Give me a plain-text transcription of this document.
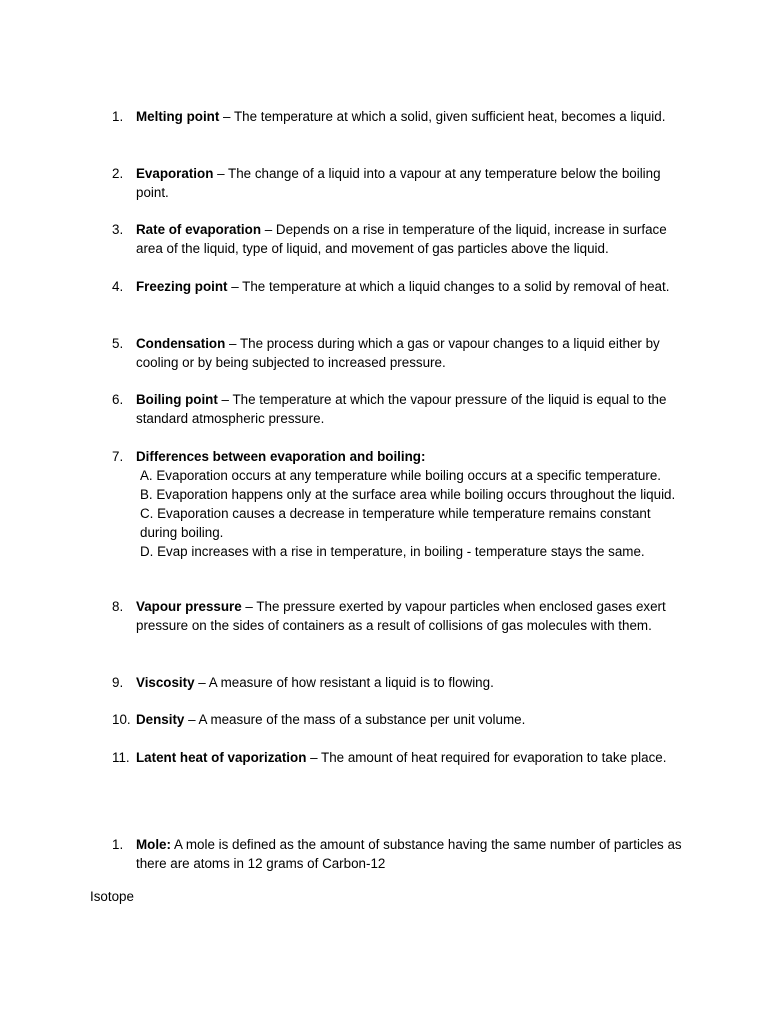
1. Melting point – The temperature at which a solid, given sufficient heat, becomes a liquid.
2. Evaporation – The change of a liquid into a vapour at any temperature below the boiling point.
3. Rate of evaporation – Depends on a rise in temperature of the liquid, increase in surface area of the liquid, type of liquid, and movement of gas particles above the liquid.
4. Freezing point – The temperature at which a liquid changes to a solid by removal of heat.
5. Condensation – The process during which a gas or vapour changes to a liquid either by cooling or by being subjected to increased pressure.
6. Boiling point – The temperature at which the vapour pressure of the liquid is equal to the standard atmospheric pressure.
7. Differences between evaporation and boiling:
A. Evaporation occurs at any temperature while boiling occurs at a specific temperature.
B. Evaporation happens only at the surface area while boiling occurs throughout the liquid.
C. Evaporation causes a decrease in temperature while temperature remains constant during boiling.
D. Evap increases with a rise in temperature, in boiling - temperature stays the same.
8. Vapour pressure – The pressure exerted by vapour particles when enclosed gases exert pressure on the sides of containers as a result of collisions of gas molecules with them.
9. Viscosity – A measure of how resistant a liquid is to flowing.
10. Density – A measure of the mass of a substance per unit volume.
11. Latent heat of vaporization – The amount of heat required for evaporation to take place.
1. Mole: A mole is defined as the amount of substance having the same number of particles as there are atoms in 12 grams of Carbon-12
Isotope
